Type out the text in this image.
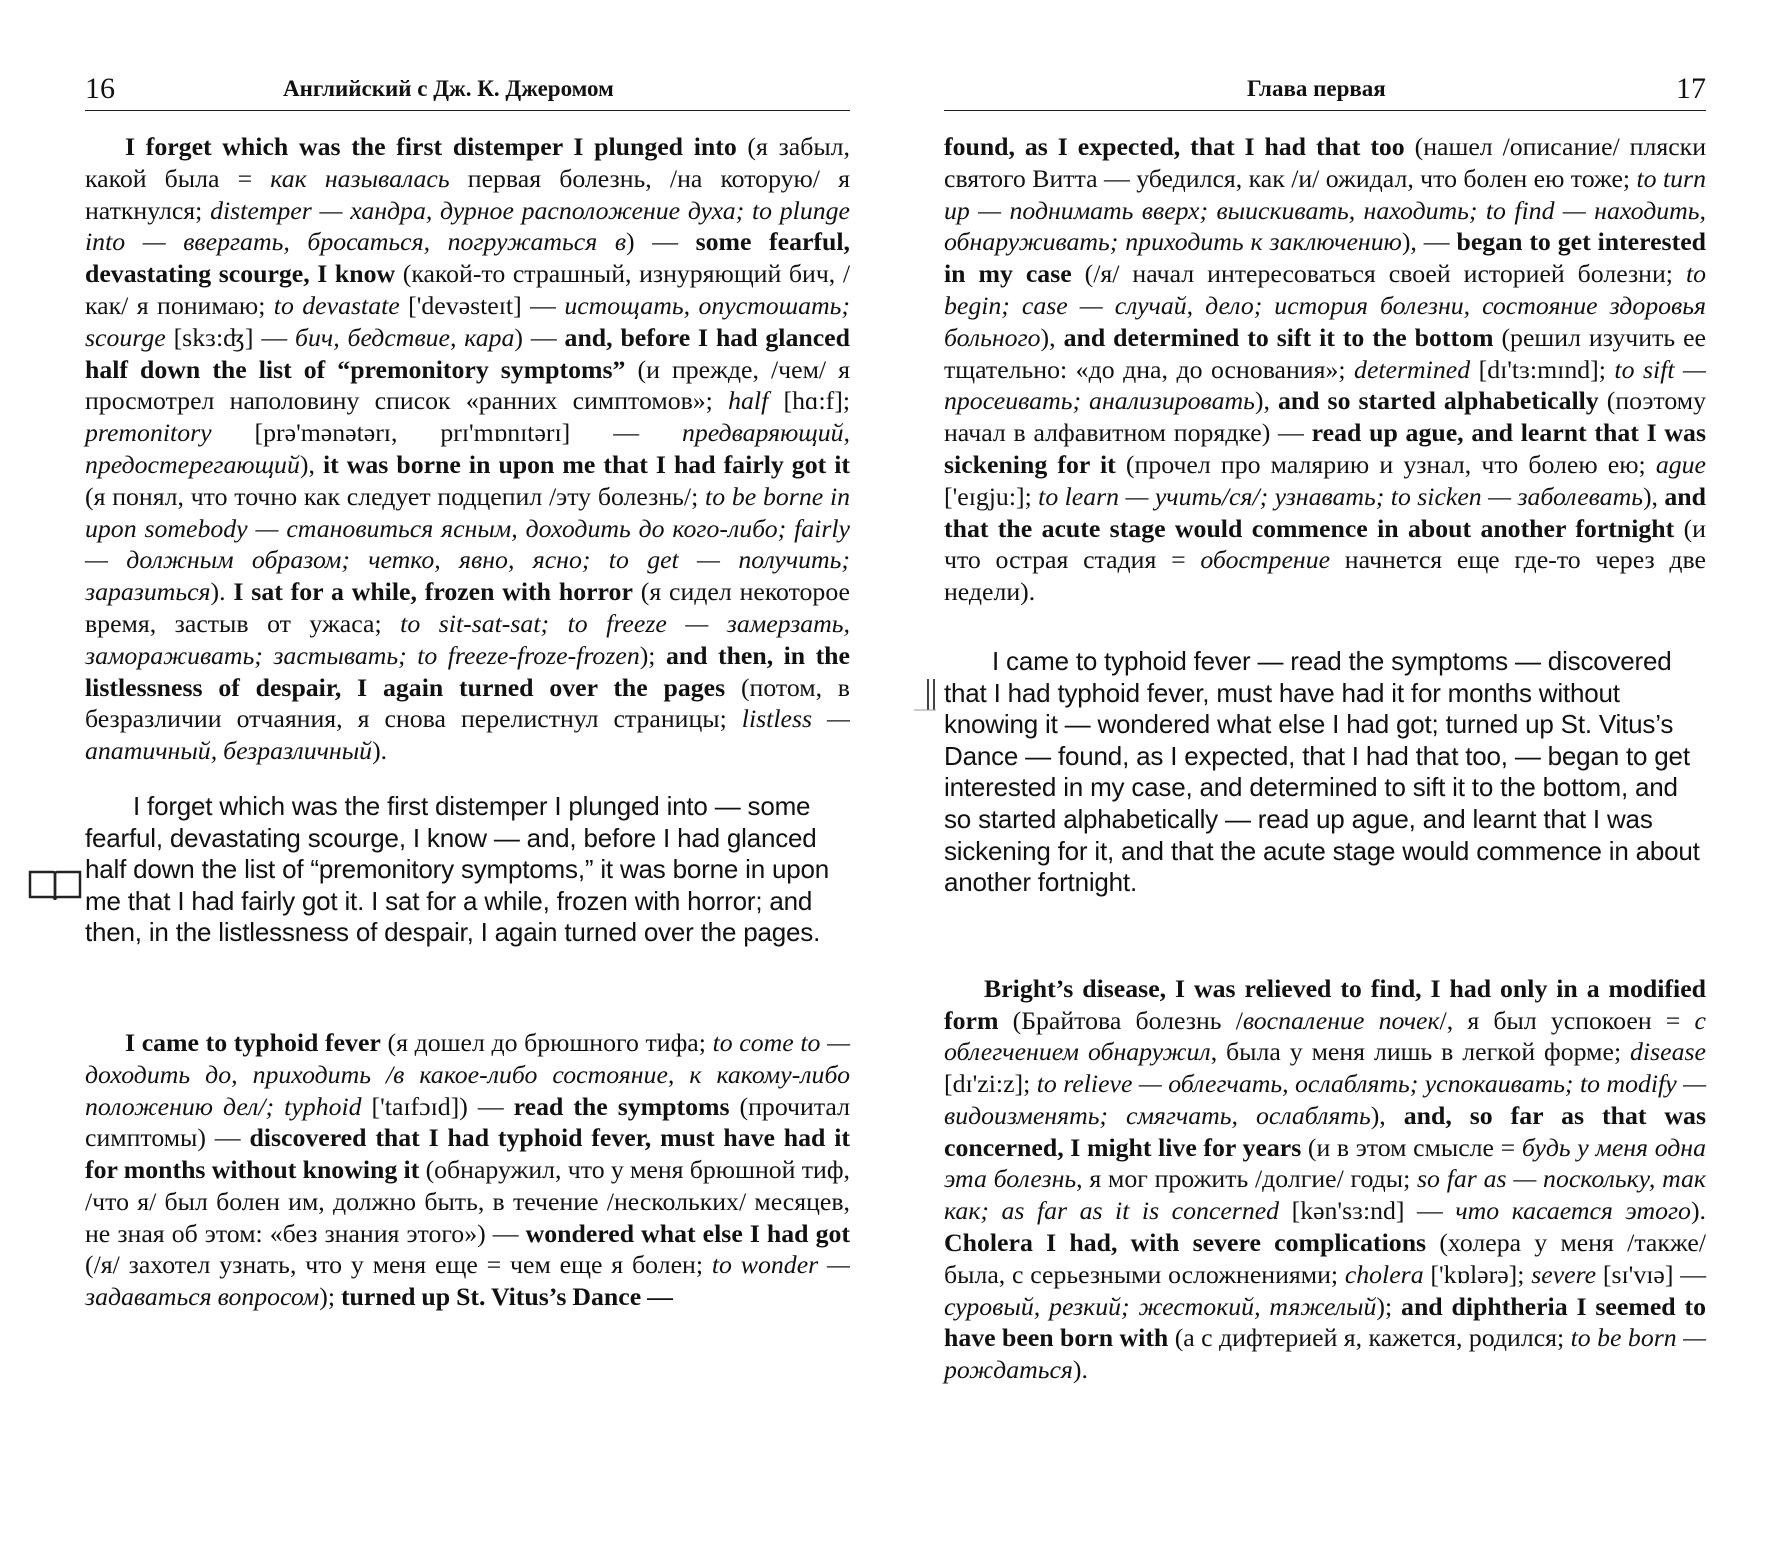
16	Английский с Дж. К. Джеромом

I forget which was the first distemper I plunged into (я забыл, какой была = как называлась первая болезнь, /на которую/ я наткнулся; distemper — хандра, дурное расположение духа; to plunge into — ввергать, бросаться, погружаться в) — some fearful, devastating scourge, I know (какой-то страшный, изнуряющий бич, /как/ я понимаю; to devastate ['devǝsteɪt] — истощать, опустошать; scourge [skɜ:ʤ] — бич, бедствие, кара) — and, before I had glanced half down the list of “premonitory symptoms” (и прежде, /чем/ я просмотрел наполовину список «ранних симптомов»; half [hɑ:f]; premonitory [prǝ'mǝnǝtǝrɪ, prɪ'mɒnɪtǝrɪ] — предваряющий, предостерегающий), it was borne in upon me that I had fairly got it (я понял, что точно как следует подцепил /эту болезнь/; to be borne in upon somebody — становиться ясным, доходить до кого-либо; fairly — должным образом; четко, явно, ясно; to get — получить; заразиться). I sat for a while, frozen with horror (я сидел некоторое время, застыв от ужаса; to sit-sat-sat; to freeze — замерзать, замораживать; застывать; to freeze-froze-frozen); and then, in the listlessness of despair, I again turned over the pages (потом, в безразличии отчаяния, я снова перелистнул страницы; listless — апатичный, безразличный).

I forget which was the first distemper I plunged into — some fearful, devastating scourge, I know — and, before I had glanced half down the list of “premonitory symptoms,” it was borne in upon me that I had fairly got it. I sat for a while, frozen with horror; and then, in the listlessness of despair, I again turned over the pages.

I came to typhoid fever (я дошел до брюшного тифа; to come to — доходить до, приходить /в какое-либо состояние, к какому-либо положению дел/; typhoid ['taɪfɔɪd]) — read the symptoms (прочитал симптомы) — discovered that I had typhoid fever, must have had it for months without knowing it (обнаружил, что у меня брюшной тиф, /что я/ был болен им, должно быть, в течение /нескольких/ месяцев, не зная об этом: «без знания этого») — wondered what else I had got (/я/ захотел узнать, что у меня еще = чем еще я болен; to wonder — задаваться вопросом); turned up St. Vitus’s Dance —

Глава первая	17

found, as I expected, that I had that too (нашел /описание/ пляски святого Витта — убедился, как /и/ ожидал, что болен ею тоже; to turn up — поднимать вверх; выискивать, находить; to find — находить, обнаруживать; приходить к заключению), — began to get interested in my case (/я/ начал интересоваться своей историей болезни; to begin; case — случай, дело; история болезни, состояние здоровья больного), and determined to sift it to the bottom (решил изучить ее тщательно: «до дна, до основания»; determined [dɪ'tɜ:mɪnd]; to sift — просеивать; анализировать), and so started alphabetically (поэтому начал в алфавитном порядке) — read up ague, and learnt that I was sickening for it (прочел про малярию и узнал, что болею ею; ague ['eɪgju:]; to learn — учить/ся/; узнавать; to sicken — заболевать), and that the acute stage would commence in about another fortnight (и что острая стадия = обострение начнется еще где-то через две недели).

I came to typhoid fever — read the symptoms — discovered that I had typhoid fever, must have had it for months without knowing it — wondered what else I had got; turned up St. Vitus’s Dance — found, as I expected, that I had that too, — began to get interested in my case, and determined to sift it to the bottom, and so started alphabetically — read up ague, and learnt that I was sickening for it, and that the acute stage would commence in about another fortnight.

Bright’s disease, I was relieved to find, I had only in a modified form (Брайтова болезнь /воспаление почек/, я был успокоен = с облегчением обнаружил, была у меня лишь в легкой форме; disease [dɪ'zi:z]; to relieve — облегчать, ослаблять; успокаивать; to modify — видоизменять; смягчать, ослаблять), and, so far as that was concerned, I might live for years (и в этом смысле = будь у меня одна эта болезнь, я мог прожить /долгие/ годы; so far as — поскольку, так как; as far as it is concerned [kǝn'sɜ:nd] — что касается этого). Cholera I had, with severe complications (холера у меня /также/ была, с серьезными осложнениями; cholera ['kɒlǝrǝ]; severe [sɪ'vɪǝ] — суровый, резкий; жестокий, тяжелый); and diphtheria I seemed to have been born with (а с дифтерией я, кажется, родился; to be born — рождаться).
